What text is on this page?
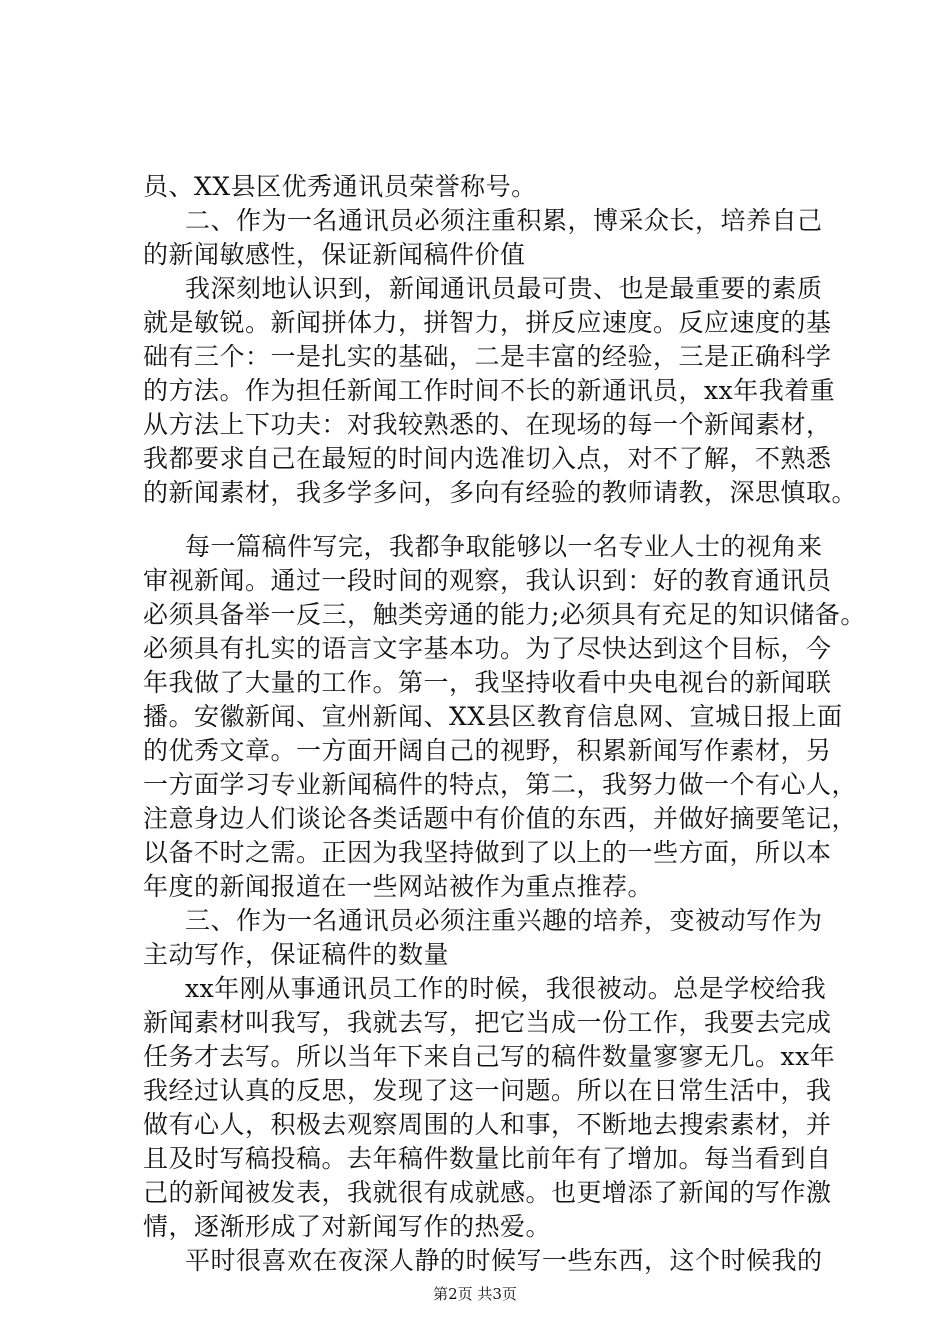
员、XX县区优秀通讯员荣誉称号。
二、作为一名通讯员必须注重积累，博采众长，培养自己
的新闻敏感性，保证新闻稿件价值
我深刻地认识到，新闻通讯员最可贵、也是最重要的素质
就是敏锐。新闻拼体力，拼智力，拼反应速度。反应速度的基
础有三个：一是扎实的基础，二是丰富的经验，三是正确科学
的方法。作为担任新闻工作时间不长的新通讯员，xx年我着重
从方法上下功夫：对我较熟悉的、在现场的每一个新闻素材，
我都要求自己在最短的时间内选准切入点，对不了解，不熟悉
的新闻素材，我多学多问，多向有经验的教师请教，深思慎取。
每一篇稿件写完，我都争取能够以一名专业人士的视角来
审视新闻。通过一段时间的观察，我认识到：好的教育通讯员
必须具备举一反三，触类旁通的能力;必须具有充足的知识储备。
必须具有扎实的语言文字基本功。为了尽快达到这个目标，今
年我做了大量的工作。第一，我坚持收看中央电视台的新闻联
播。安徽新闻、宣州新闻、XX县区教育信息网、宣城日报上面
的优秀文章。一方面开阔自己的视野，积累新闻写作素材，另
一方面学习专业新闻稿件的特点，第二，我努力做一个有心人，
注意身边人们谈论各类话题中有价值的东西，并做好摘要笔记，
以备不时之需。正因为我坚持做到了以上的一些方面，所以本
年度的新闻报道在一些网站被作为重点推荐。
三、作为一名通讯员必须注重兴趣的培养，变被动写作为
主动写作，保证稿件的数量
xx年刚从事通讯员工作的时候，我很被动。总是学校给我
新闻素材叫我写，我就去写，把它当成一份工作，我要去完成
任务才去写。所以当年下来自己写的稿件数量寥寥无几。xx年
我经过认真的反思，发现了这一问题。所以在日常生活中，我
做有心人，积极去观察周围的人和事，不断地去搜索素材，并
且及时写稿投稿。去年稿件数量比前年有了增加。每当看到自
己的新闻被发表，我就很有成就感。也更增添了新闻的写作激
情，逐渐形成了对新闻写作的热爱。
第2页 共3页
平时很喜欢在夜深人静的时候写一些东西，这个时候我的
